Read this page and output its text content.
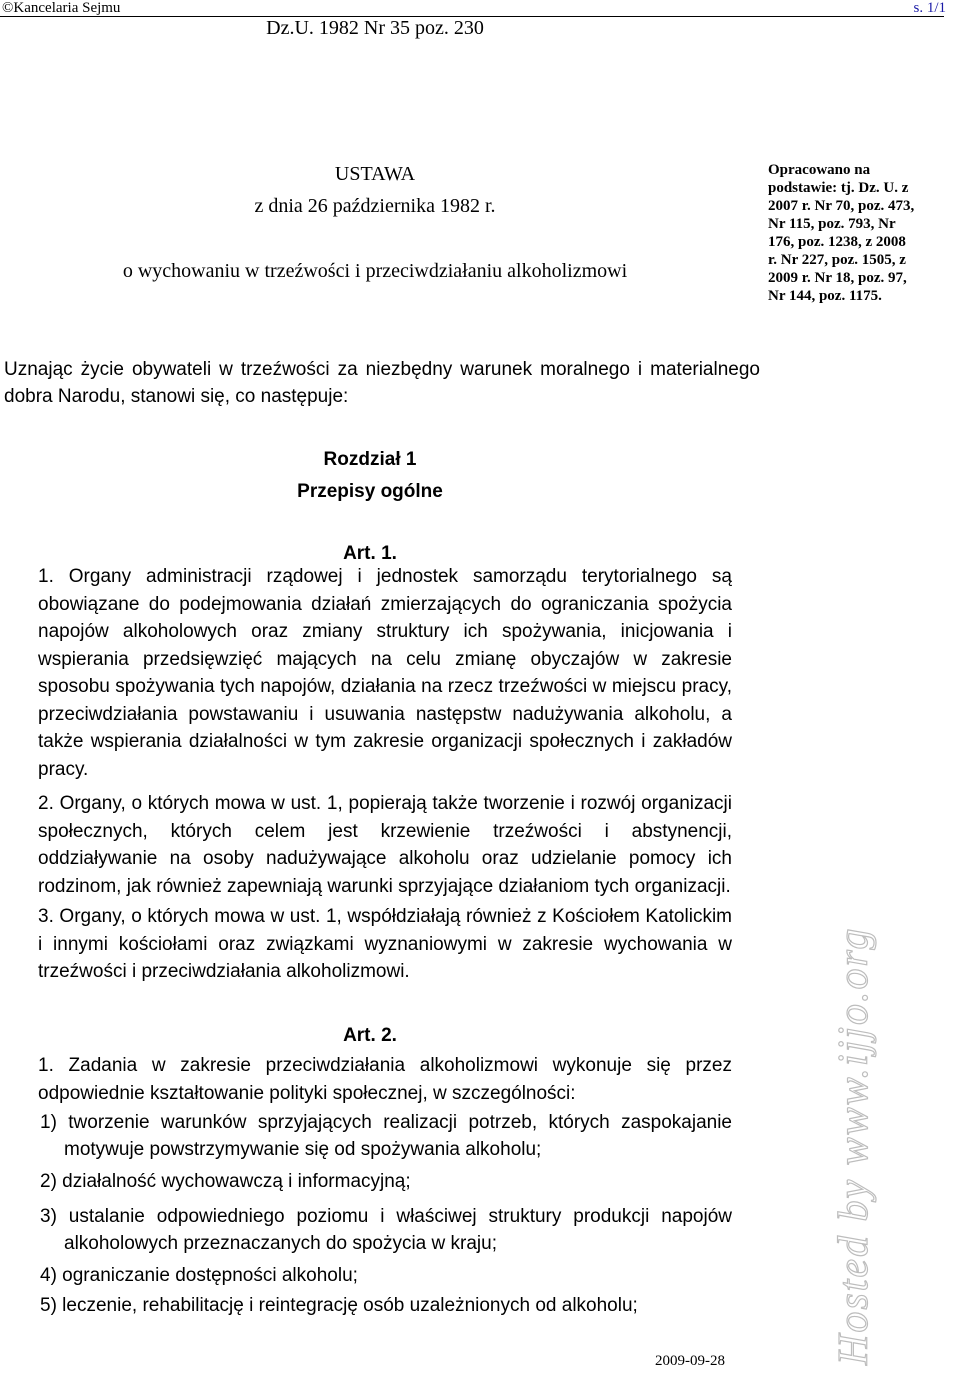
©Kancelaria Sejmu	s. 1/1
Dz.U. 1982 Nr 35 poz. 230
USTAWA
z dnia 26 października 1982 r.
o wychowaniu w trzeźwości i przeciwdziałaniu alkoholizmowi
Uznając życie obywateli w trzeźwości za niezbędny warunek moralnego i materialnego dobra Narodu, stanowi się, co następuje:
Opracowano na podstawie: tj. Dz. U. z 2007 r. Nr 70, poz. 473, Nr 115, poz. 793, Nr 176, poz. 1238, z 2008 r. Nr 227, poz. 1505, z 2009 r. Nr 18, poz. 97, Nr 144, poz. 1175.
Rozdział 1
Przepisy ogólne
Art. 1.
1. Organy administracji rządowej i jednostek samorządu terytorialnego są obowiązane do podejmowania działań zmierzających do ograniczania spożycia napojów alkoholowych oraz zmiany struktury ich spożywania, inicjowania i wspierania przedsięwzięć mających na celu zmianę obyczajów w zakresie sposobu spożywania tych napojów, działania na rzecz trzeźwości w miejscu pracy, przeciwdziałania powstawaniu i usuwania następstw nadużywania alkoholu, a także wspierania działalności w tym zakresie organizacji społecznych i zakładów pracy.
2. Organy, o których mowa w ust. 1, popierają także tworzenie i rozwój organizacji społecznych, których celem jest krzewienie trzeźwości i abstynencji, oddziaływanie na osoby nadużywające alkoholu oraz udzielanie pomocy ich rodzinom, jak również zapewniają warunki sprzyjające działaniom tych organizacji.
3. Organy, o których mowa w ust. 1, współdziałają również z Kościołem Katolickim i innymi kościołami oraz związkami wyznaniowymi w zakresie wychowania w trzeźwości i przeciwdziałania alkoholizmowi.
Art. 2.
1. Zadania w zakresie przeciwdziałania alkoholizmowi wykonuje się przez odpowiednie kształtowanie polityki społecznej, w szczególności:
1) tworzenie warunków sprzyjających realizacji potrzeb, których zaspokajanie motywuje powstrzymywanie się od spożywania alkoholu;
2) działalność wychowawczą i informacyjną;
3) ustalanie odpowiedniego poziomu i właściwej struktury produkcji napojów alkoholowych przeznaczanych do spożycia w kraju;
4) ograniczanie dostępności alkoholu;
5) leczenie, rehabilitację i reintegrację osób uzależnionych od alkoholu;
2009-09-28	Hosted by www.ijjo.org
